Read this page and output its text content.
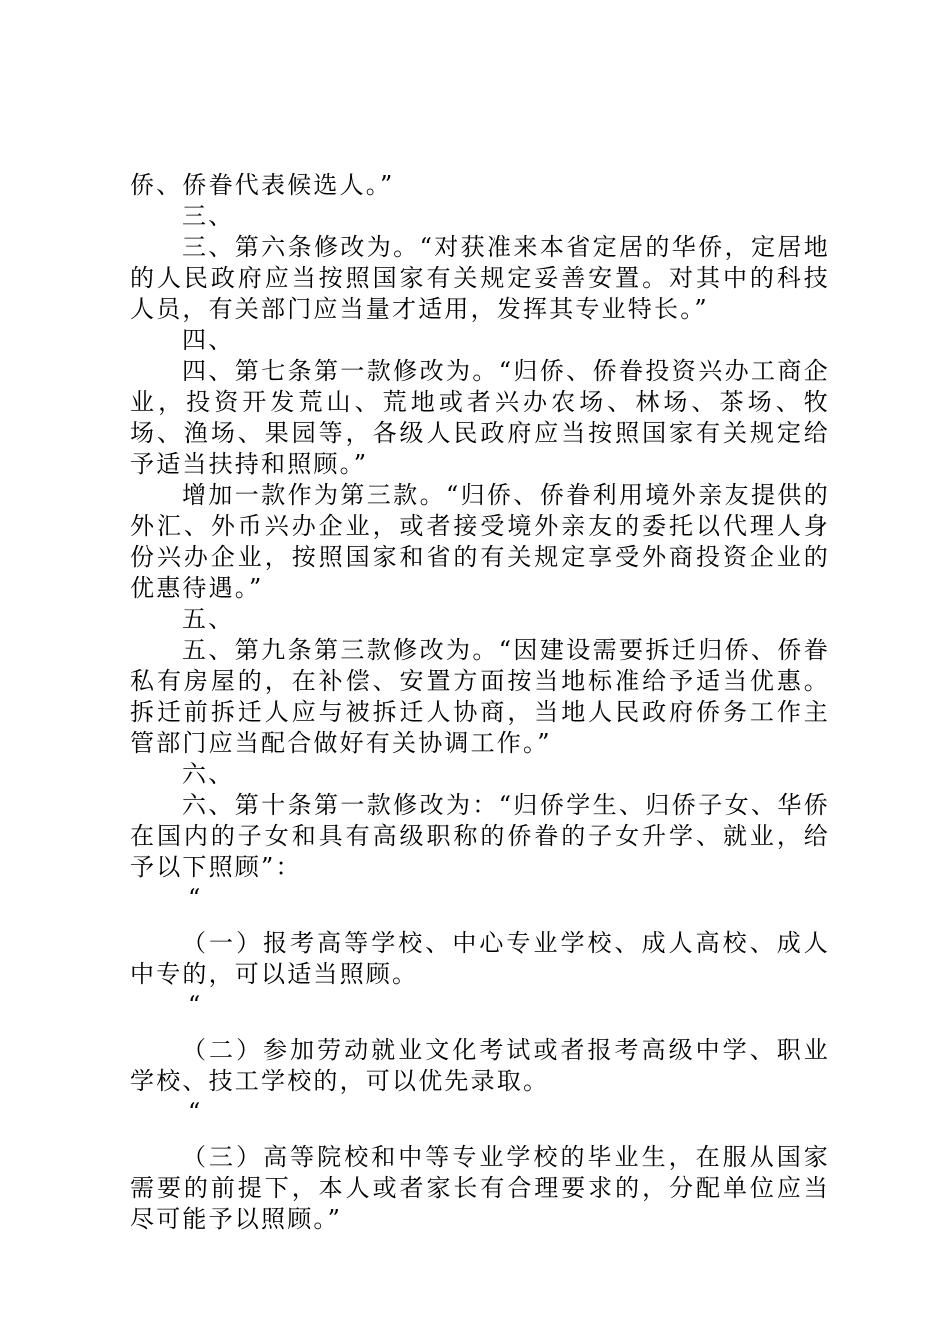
侨、侨眷代表候选人。”

三、

三、第六条修改为。“对获准来本省定居的华侨，定居地的人民政府应当按照国家有关规定妥善安置。对其中的科技人员，有关部门应当量才适用，发挥其专业特长。”

四、

四、第七条第一款修改为。“归侨、侨眷投资兴办工商企业，投资开发荒山、荒地或者兴办农场、林场、茶场、牧场、渔场、果园等，各级人民政府应当按照国家有关规定给予适当扶持和照顾。”

增加一款作为第三款。“归侨、侨眷利用境外亲友提供的外汇、外币兴办企业，或者接受境外亲友的委托以代理人身份兴办企业，按照国家和省的有关规定享受外商投资企业的优惠待遇。”

五、

五、第九条第三款修改为。“因建设需要拆迁归侨、侨眷私有房屋的，在补偿、安置方面按当地标准给予适当优惠。拆迁前拆迁人应与被拆迁人协商，当地人民政府侨务工作主管部门应当配合做好有关协调工作。”

六、

六、第十条第一款修改为：“归侨学生、归侨子女、华侨在国内的子女和具有高级职称的侨眷的子女升学、就业，给予以下照顾”：

“

（一）报考高等学校、中心专业学校、成人高校、成人中专的，可以适当照顾。

“

（二）参加劳动就业文化考试或者报考高级中学、职业学校、技工学校的，可以优先录取。

“

（三）高等院校和中等专业学校的毕业生，在服从国家需要的前提下，本人或者家长有合理要求的，分配单位应当尽可能予以照顾。”
